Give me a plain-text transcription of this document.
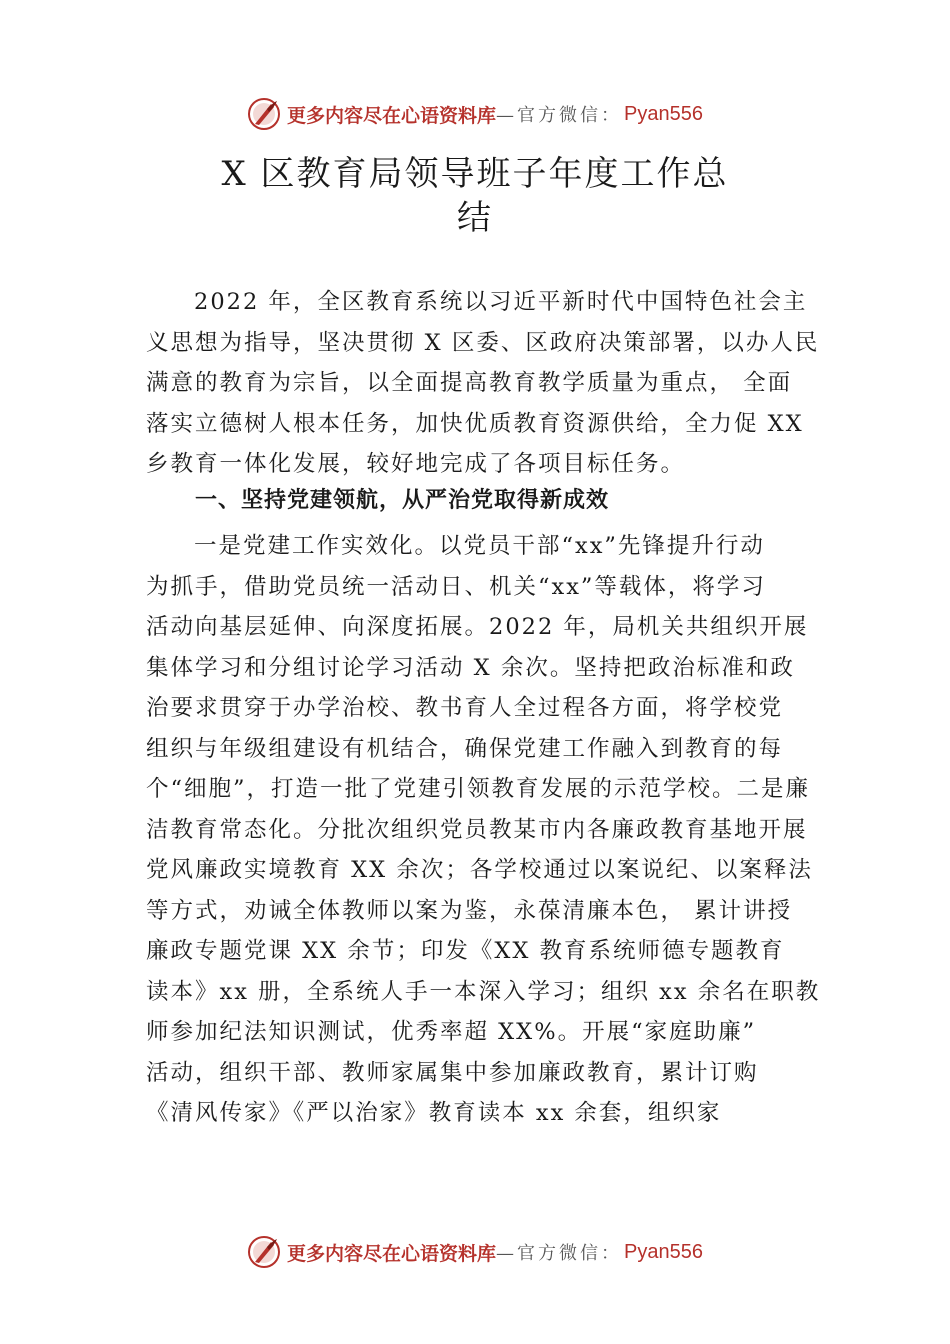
更多内容尽在心语资料库 —官方微信： Pyan556
X 区教育局领导班子年度工作总
结
2022 年，全区教育系统以习近平新时代中国特色社会主
义思想为指导，坚决贯彻 X 区委、区政府决策部署，以办人民
满意的教育为宗旨，以全面提高教育教学质量为重点， 全面
落实立德树人根本任务，加快优质教育资源供给，全力促 XX
乡教育一体化发展，较好地完成了各项目标任务。
一、坚持党建领航，从严治党取得新成效
一是党建工作实效化。以党员干部“xx”先锋提升行动
为抓手，借助党员统一活动日、机关“xx”等载体，将学习
活动向基层延伸、向深度拓展。2022 年，局机关共组织开展
集体学习和分组讨论学习活动 X 余次。坚持把政治标准和政
治要求贯穿于办学治校、教书育人全过程各方面，将学校党
组织与年级组建设有机结合，确保党建工作融入到教育的每
个“细胞”，打造一批了党建引领教育发展的示范学校。二是廉
洁教育常态化。分批次组织党员教某市内各廉政教育基地开展
党风廉政实境教育 XX 余次；各学校通过以案说纪、以案释法
等方式，劝诫全体教师以案为鉴，永葆清廉本色， 累计讲授
廉政专题党课 XX 余节；印发《XX 教育系统师德专题教育
读本》xx 册，全系统人手一本深入学习；组织 xx 余名在职教
师参加纪法知识测试，优秀率超 XX%。开展“家庭助廉”
活动，组织干部、教师家属集中参加廉政教育，累计订购
《清风传家》《严以治家》教育读本 xx 余套，组织家
更多内容尽在心语资料库 —官方微信： Pyan556
